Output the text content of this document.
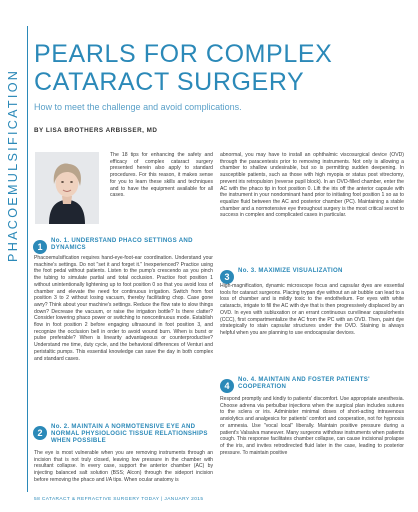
PHACOEMULSIFICATION
PEARLS FOR COMPLEX
CATARACT SURGERY
How to meet the challenge and avoid complications.
BY LISA BROTHERS ARBISSER, MD
The 18 tips for enhancing the safety and efficacy of complex cataract surgery presented herein also apply to standard procedures. For this reason, it makes sense for you to learn these skills and techniques and to have the equipment available for all cases.
1
No. 1. UNDERSTAND PHACO SETTINGS AND DYNAMICS
Phacoemulsification requires hand-eye-foot-ear coordination. Understand your machine's settings. Do not "set it and forget it." Inexperienced? Practice using the foot pedal without patients. Listen to the pump's crescendo as you pinch the tubing to simulate partial and total occlusion. Practice foot position 1 without unintentionally lightening up to foot position 0 so that you avoid loss of chamber and elevate the need for continuous irrigation. Switch from foot position 3 to 2 without losing vacuum, thereby facilitating chop. Case gone awry? Think about your machine's settings. Reduce the flow rate to slow things down? Decrease the vacuum, or raise the irrigation bottle? Is there clatter? Consider lowering phaco power or switching to noncontinuous mode. Establish flow in foot position 2 before engaging ultrasound in foot position 3, and recognize the occlusion bell in order to avoid wound burn. When is burst or pulse preferable? When is linearity advantageous or counterproductive? Understand me time, duty cycle, and the behavioral differences of Venturi and peristaltic pumps. This essential knowledge can save the day in both complex and standard cases.
2
No. 2. MAINTAIN A NORMOTENSIVE EYE AND NORMAL PHYSIOLOGIC TISSUE RELATIONSHIPS WHEN POSSIBLE
The eye is most vulnerable when you are removing instruments through an incision that is not truly closed, leaving low pressure in the chamber with resultant collapse. In every case, support the anterior chamber (AC) by injecting balanced salt solution (BSS; Alcon) through the sideport incision before removing the phaco and I/A tips. When ocular anatomy is
abnormal, you may have to install an ophthalmic viscosurgical device (OVD) through the paracentesis prior to removing instruments. Not only is allowing a chamber to shallow undesirable, but so is permitting sudden deepening. In susceptible patients, such as those with high myopia or status post vitrectomy, prevent iris retropulsion (reverse pupil block). In an OVD-filled chamber, enter the AC with the phaco tip in foot position 0. Lift the iris off the anterior capsule with the instrument in your nondominant hand prior to initiating foot position 1 so as to equalize fluid between the AC and posterior chamber (PC). Maintaining a stable chamber and a normotensive eye throughout surgery is the most critical secret to success in complex and complicated cases in particular.
3
No. 3. MAXIMIZE VISUALIZATION
High-magnification, dynamic microscope focus and capsular dyes are essential tools for cataract surgeons. Placing trypan dye without an air bubble can lead to a loss of chamber and is mildly toxic to the endothelium. For eyes with white cataracts, irrigate to fill the AC with dye that is then progressively displaced by an OVD. In eyes with subluxation or an errant continuous curvilinear capsulorhexis (CCC), first compartmentalize the AC from the PC with an OVD. Then, paint dye strategically to stain capsular structures under the OVD. Staining is always helpful when you are planning to use endocapsular devices.
4
No. 4. MAINTAIN AND FOSTER PATIENTS' COOPERATION
Respond promptly and kindly to patients' discomfort. Use appropriate anesthesia. Choose adrena via perbulbar injections when the surgical plan includes sutures to the sclera or iris. Administer minimal doses of short-acting intravenous anxiolytics and analgesics for patients' comfort and cooperation, not for hypnosis or amnesia. Use "vocal local" liberally. Maintain positive pressure during a patient's Valsalva maneuver. Many surgeons withdraw instruments when patients cough. This response facilitates chamber collapse, can cause incisional prolapse of the iris, and invites retrodirected fluid later in the case, leading to posterior pressure. To maintain positive
58 CATARACT & REFRACTIVE SURGERY TODAY | JANUARY 2015
